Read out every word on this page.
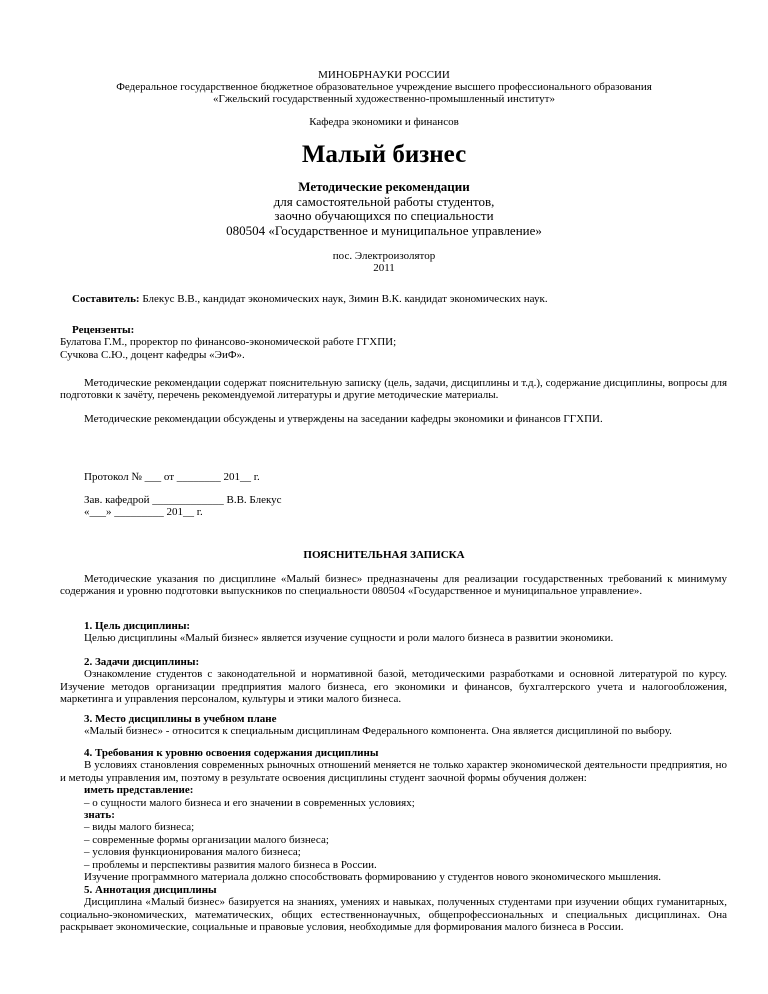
МИНОБРНАУКИ РОССИИ
Федеральное государственное бюджетное образовательное учреждение высшего профессионального образования
«Гжельский государственный художественно-промышленный институт»
Кафедра экономики и финансов
Малый бизнес
Методические рекомендации
для самостоятельной работы студентов,
заочно обучающихся по специальности
080504 «Государственное и муниципальное управление»
пос. Электроизолятор
2011
Составитель: Блекус В.В., кандидат экономических наук, Зимин В.К. кандидат экономических наук.
Рецензенты:
Булатова Г.М., проректор по финансово-экономической работе ГГХПИ;
Сучкова С.Ю., доцент кафедры «ЭиФ».
Методические рекомендации содержат пояснительную записку (цель, задачи, дисциплины и т.д.), содержание дисциплины, вопросы для подготовки к зачёту, перечень рекомендуемой литературы и другие методические материалы.
Методические рекомендации обсуждены и утверждены на заседании кафедры экономики и финансов ГГХПИ.
Протокол № ___ от ________ 201__ г.
Зав. кафедрой _____________ В.В. Блекус
«___» _________ 201__ г.
ПОЯСНИТЕЛЬНАЯ ЗАПИСКА
Методические указания по дисциплине «Малый бизнес» предназначены для реализации государственных требований к минимуму содержания и уровню подготовки выпускников по специальности 080504 «Государственное и муниципальное управление».
1. Цель дисциплины:
Целью дисциплины «Малый бизнес» является изучение сущности и роли малого бизнеса в развитии экономики.
2. Задачи дисциплины:
Ознакомление студентов с законодательной и нормативной базой, методическими разработками и основной литературой по курсу. Изучение методов организации предприятия малого бизнеса, его экономики и финансов, бухгалтерского учета и налогообложения, маркетинга и управления персоналом, культуры и этики малого бизнеса.
3. Место дисциплины в учебном плане
«Малый бизнес» - относится к специальным дисциплинам Федерального компонента. Она является дисциплиной по выбору.
4. Требования к уровню освоения содержания дисциплины
В условиях становления современных рыночных отношений меняется не только характер экономической деятельности предприятия, но и методы управления им, поэтому в результате освоения дисциплины студент заочной формы обучения должен:
иметь представление:
– о сущности малого бизнеса и его значении в современных условиях;
знать:
– виды малого бизнеса;
– современные формы организации малого бизнеса;
– условия функционирования малого бизнеса;
– проблемы и перспективы развития малого бизнеса в России.
Изучение программного материала должно способствовать формированию у студентов нового экономического мышления.
5. Аннотация дисциплины
Дисциплина «Малый бизнес» базируется на знаниях, умениях и навыках, полученных студентами при изучении общих гуманитарных, социально-экономических, математических, общих естественнонаучных, общепрофессиональных и специальных дисциплинах. Она раскрывает экономические, социальные и правовые условия, необходимые для формирования малого бизнеса в России.
